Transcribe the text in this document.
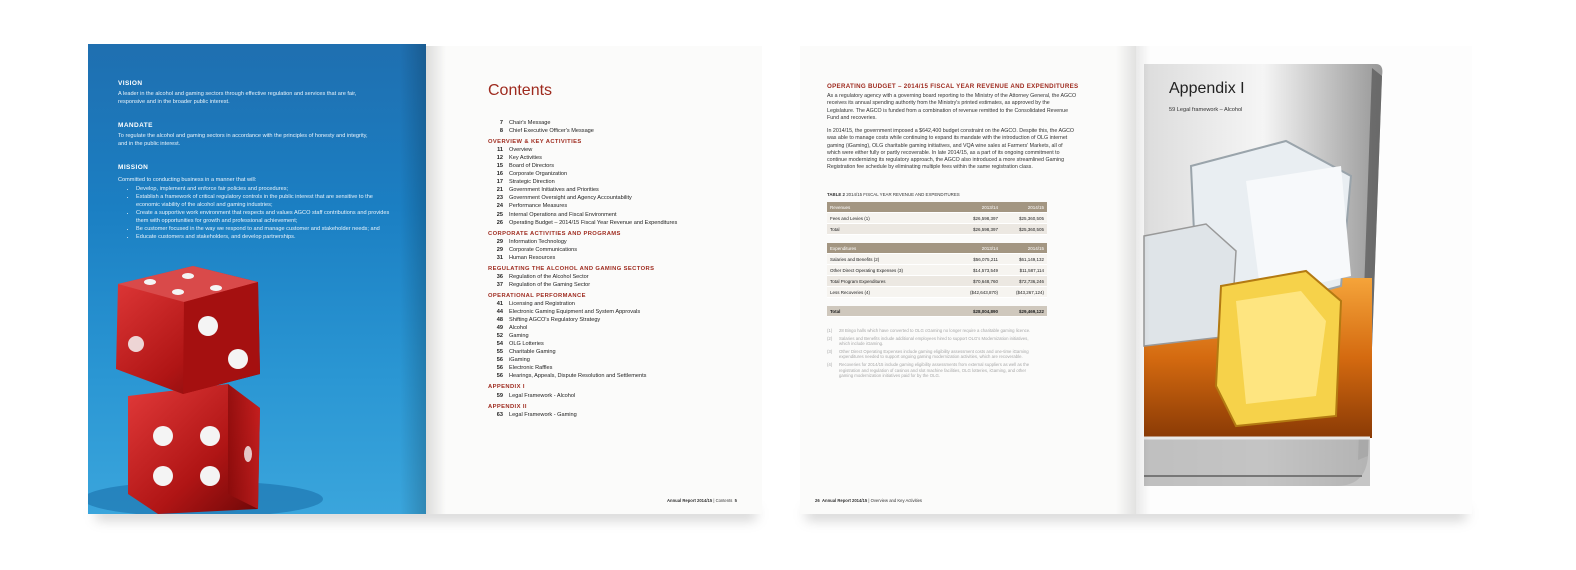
VISION
A leader in the alcohol and gaming sectors through effective regulation and services that are fair, responsive and in the broader public interest.
MANDATE
To regulate the alcohol and gaming sectors in accordance with the principles of honesty and integrity, and in the public interest.
MISSION
Committed to conducting business in a manner that will:
• Develop, implement and enforce fair policies and procedures;
• Establish a framework of critical regulatory controls in the public interest that are sensitive to the economic viability of the alcohol and gaming industries;
• Create a supportive work environment that respects and values AGCO staff contributions and provides them with opportunities for growth and professional achievement;
• Be customer focused in the way we respond to and manage customer and stakeholder needs; and
• Educate customers and stakeholders, and develop partnerships.
Contents
7	Chair's Message
8	Chief Executive Officer's Message
OVERVIEW & KEY ACTIVITIES
11	Overview
12	Key Activities
15	Board of Directors
16	Corporate Organization
17	Strategic Direction
21	Government Initiatives and Priorities
23	Government Oversight and Agency Accountability
24	Performance Measures
25	Internal Operations and Fiscal Environment
26	Operating Budget – 2014/15 Fiscal Year Revenue and Expenditures
CORPORATE ACTIVITIES AND PROGRAMS
29	Information Technology
29	Corporate Communications
31	Human Resources
REGULATING THE ALCOHOL AND GAMING SECTORS
36	Regulation of the Alcohol Sector
37	Regulation of the Gaming Sector
OPERATIONAL PERFORMANCE
41	Licensing and Registration
44	Electronic Gaming Equipment and System Approvals
48	Shifting AGCO's Regulatory Strategy
49	Alcohol
52	Gaming
54	OLG Lotteries
55	Charitable Gaming
56	iGaming
56	Electronic Raffles
56	Hearings, Appeals, Dispute Resolution and Settlements
APPENDIX I
59	Legal Framework - Alcohol
APPENDIX II
63	Legal Framework - Gaming
Annual Report 2014/15 | Contents 5
OPERATING BUDGET – 2014/15 FISCAL YEAR REVENUE AND EXPENDITURES
As a regulatory agency with a governing board reporting to the Ministry of the Attorney General, the AGCO receives its annual spending authority from the Ministry's printed estimates, as approved by the Legislature. The AGCO is funded from a combination of revenue remitted to the Consolidated Revenue Fund and recoveries.
In 2014/15, the government imposed a $642,400 budget constraint on the AGCO. Despite this, the AGCO was able to manage costs while continuing to expand its mandate with the introduction of OLG internet gaming (iGaming), OLG charitable gaming initiatives, and VQA wine sales at Farmers' Markets, all of which were either fully or partly recoverable. In late 2014/15, as a part of its ongoing commitment to continue modernizing its regulatory approach, the AGCO also introduced a more streamlined Gaming Registration fee schedule by eliminating multiple fees within the same registration class.
TABLE 2 2014/15 FISCAL YEAR REVENUE AND EXPENDITURES
Revenues	2013/14	2014/15
Fees and Levies (1)	$26,598,397	$25,360,505
Total	$26,598,397	$25,360,505
Expenditures	2013/14	2014/15
Salaries and Benefits (2)	$56,075,211	$61,149,132
Other Direct Operating Expenses (3)	$14,573,549	$11,587,114
Total Program Expenditures	$70,648,760	$72,736,246
Less Recoveries (4)	($42,643,870)	($43,267,124)
Total	$28,004,890	$29,469,122
(1)	28 Bingo halls which have converted to OLG cGaming no longer require a charitable gaming licence.
(2)	Salaries and Benefits include additional employees hired to support OLG's Modernization initiatives, which include iGaming.
(3)	Other Direct Operating Expenses include gaming eligibility assessment costs and one-time iGaming expenditures needed to support ongoing gaming modernization activities, which are recoverable.
(4)	Recoveries for 2014/15 include gaming eligibility assessments from external suppliers as well as the registration and regulation of casinos and slot machine facilities, OLG lotteries, iGaming, and other gaming modernization initiatives paid for by the OLG.
26 Annual Report 2014/15 | Overview and Key Activities
Appendix I
59 Legal framework – Alcohol
